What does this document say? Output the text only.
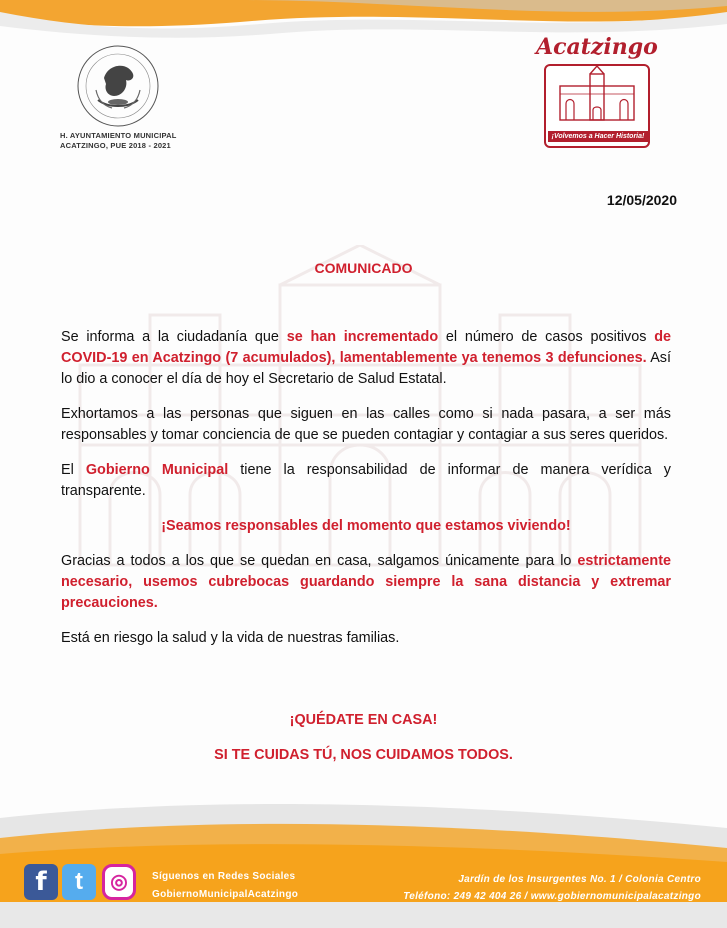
H. AYUNTAMIENTO MUNICIPAL
ACATZINGO, PUE 2018 - 2021
Acatzingo
¡Volvemos a Hacer Historia!
12/05/2020
COMUNICADO

Se informa a la ciudadanía que se han incrementado el número de casos positivos de COVID-19 en Acatzingo (7 acumulados), lamentablemente ya tenemos 3 defunciones. Así lo dio a conocer el día de hoy el Secretario de Salud Estatal.

Exhortamos a las personas que siguen en las calles como si nada pasara, a ser más responsables y tomar conciencia de que se pueden contagiar y contagiar a sus seres queridos.

El Gobierno Municipal tiene la responsabilidad de informar de manera verídica y transparente.

¡Seamos responsables del momento que estamos viviendo!

Gracias a todos a los que se quedan en casa, salgamos únicamente para lo estrictamente necesario, usemos cubrebocas guardando siempre la sana distancia y extremar precauciones.

Está en riesgo la salud y la vida de nuestras familias.

¡QUÉDATE EN CASA!
SI TE CUIDAS TÚ, NOS CUIDAMOS TODOS.
f	t	◎	Síguenos en Redes Sociales
GobiernoMunicipalAcatzingo
Jardín de los Insurgentes No. 1 / Colonia Centro
Teléfono: 249 42 404 26 / www.gobiernomunicipalacatzingo
